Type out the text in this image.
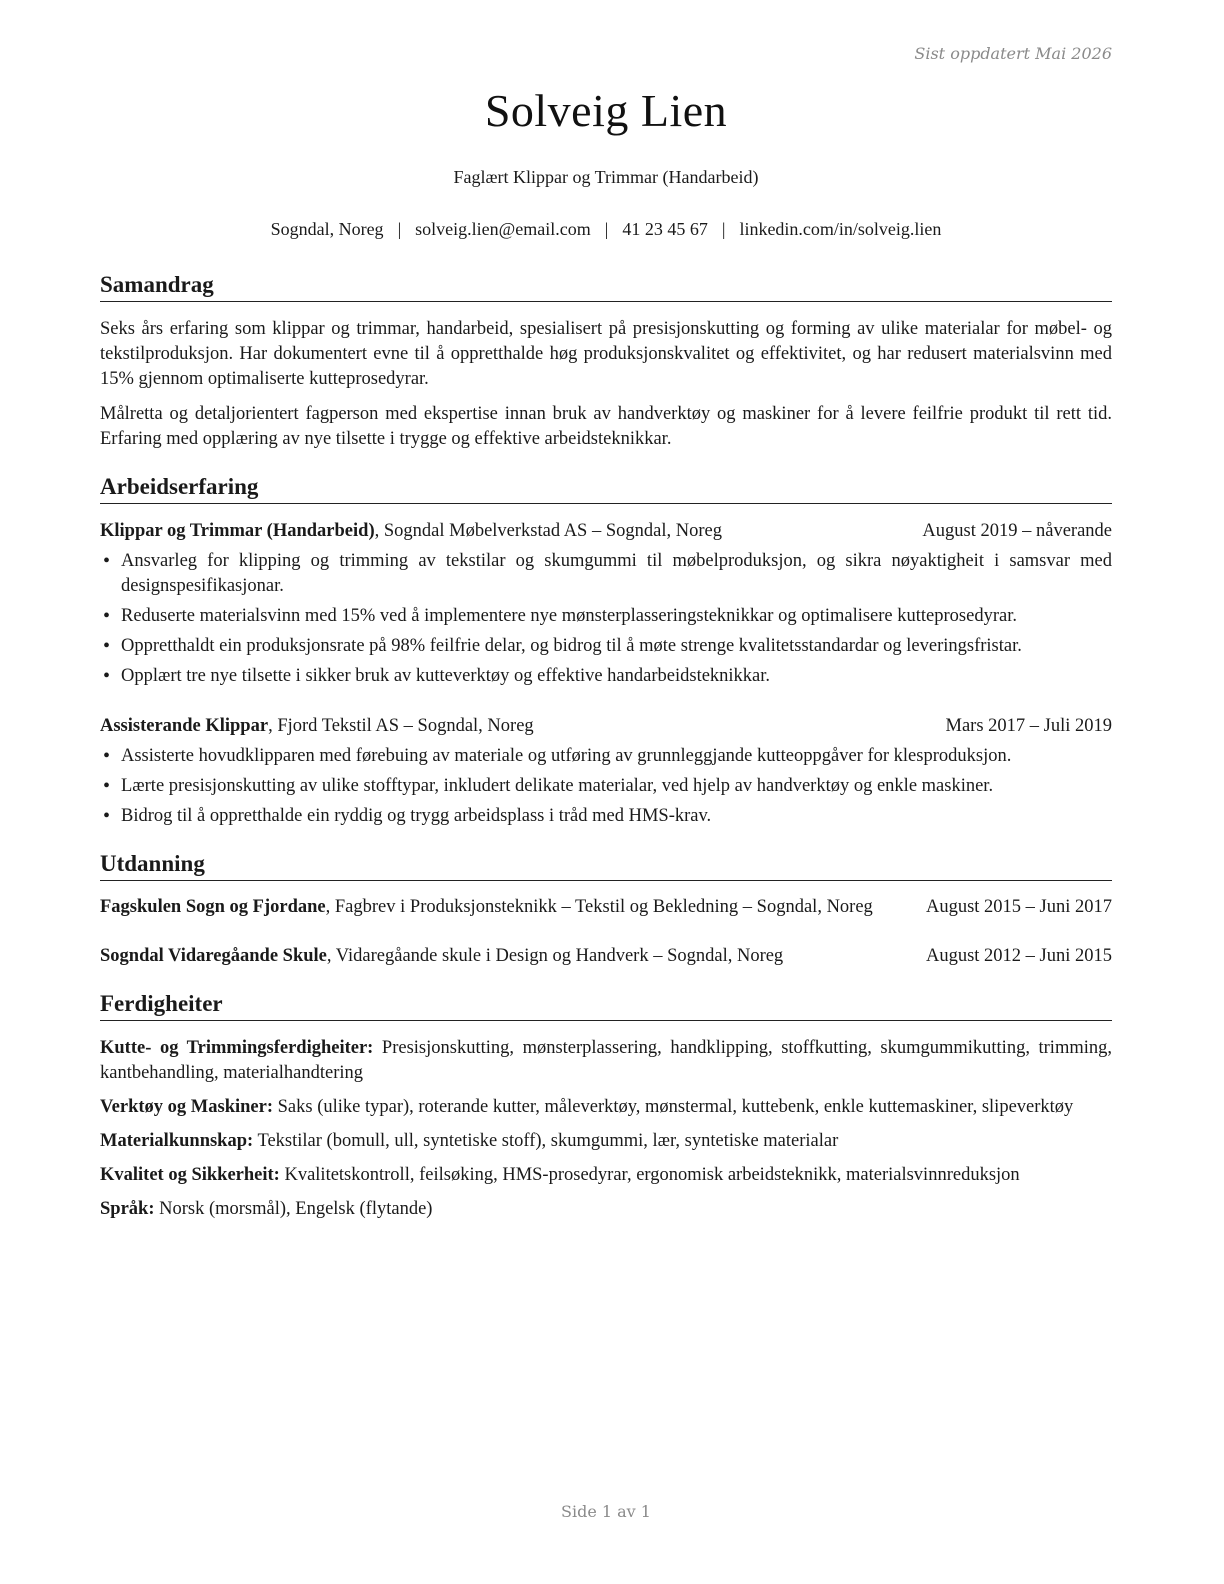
Sist oppdatert Mai 2026
Solveig Lien
Faglært Klippar og Trimmar (Handarbeid)
Sogndal, Noreg | solveig.lien@email.com | 41 23 45 67 | linkedin.com/in/solveig.lien
Samandrag

Seks års erfaring som klippar og trimmar, handarbeid, spesialisert på presisjonskutting og forming av ulike materialar for møbel- og tekstilproduksjon. Har dokumentert evne til å oppretthalde høg produksjonskvalitet og effektivitet, og har redusert materialsvinn med 15% gjennom optimaliserte kutteprosedyrar.

Målretta og detaljorientert fagperson med ekspertise innan bruk av handverktøy og maskiner for å levere feilfrie produkt til rett tid. Erfaring med opplæring av nye tilsette i trygge og effektive arbeidsteknikkar.

Arbeidserfaring
Klippar og Trimmar (Handarbeid), Sogndal Møbelverkstad AS – Sogndal, Noreg	August 2019 – nåverande
• Ansvarleg for klipping og trimming av tekstilar og skumgummi til møbelproduksjon, og sikra nøyaktigheit i samsvar med designspesifikasjonar.
• Reduserte materialsvinn med 15% ved å implementere nye mønsterplasseringsteknikkar og optimalisere kutteprosedyrar.
• Oppretthaldt ein produksjonsrate på 98% feilfrie delar, og bidrog til å møte strenge kvalitetsstandardar og leveringsfristar.
• Opplært tre nye tilsette i sikker bruk av kutteverktøy og effektive handarbeidsteknikkar.
Assisterande Klippar, Fjord Tekstil AS – Sogndal, Noreg	Mars 2017 – Juli 2019
• Assisterte hovudklipparen med førebuing av materiale og utføring av grunnleggjande kutteoppgåver for klesproduksjon.
• Lærte presisjonskutting av ulike stofftypar, inkludert delikate materialar, ved hjelp av handverktøy og enkle maskiner.
• Bidrog til å oppretthalde ein ryddig og trygg arbeidsplass i tråd med HMS-krav.
Utdanning
Fagskulen Sogn og Fjordane, Fagbrev i Produksjonsteknikk – Tekstil og Bekledning – Sogndal, Noreg	August 2015 – Juni 2017
Sogndal Vidaregåande Skule, Vidaregåande skule i Design og Handverk – Sogndal, Noreg	August 2012 – Juni 2015
Ferdigheiter

Kutte- og Trimmingsferdigheiter: Presisjonskutting, mønsterplassering, handklipping, stoffkutting, skumgummikutting, trimming, kantbehandling, materialhandtering

Verktøy og Maskiner: Saks (ulike typar), roterande kutter, måleverktøy, mønstermal, kuttebenk, enkle kuttemaskiner, slipeverktøy

Materialkunnskap: Tekstilar (bomull, ull, syntetiske stoff), skumgummi, lær, syntetiske materialar

Kvalitet og Sikkerheit: Kvalitetskontroll, feilsøking, HMS-prosedyrar, ergonomisk arbeidsteknikk, materialsvinnreduksjon

Språk: Norsk (morsmål), Engelsk (flytande)

Side 1 av 1
